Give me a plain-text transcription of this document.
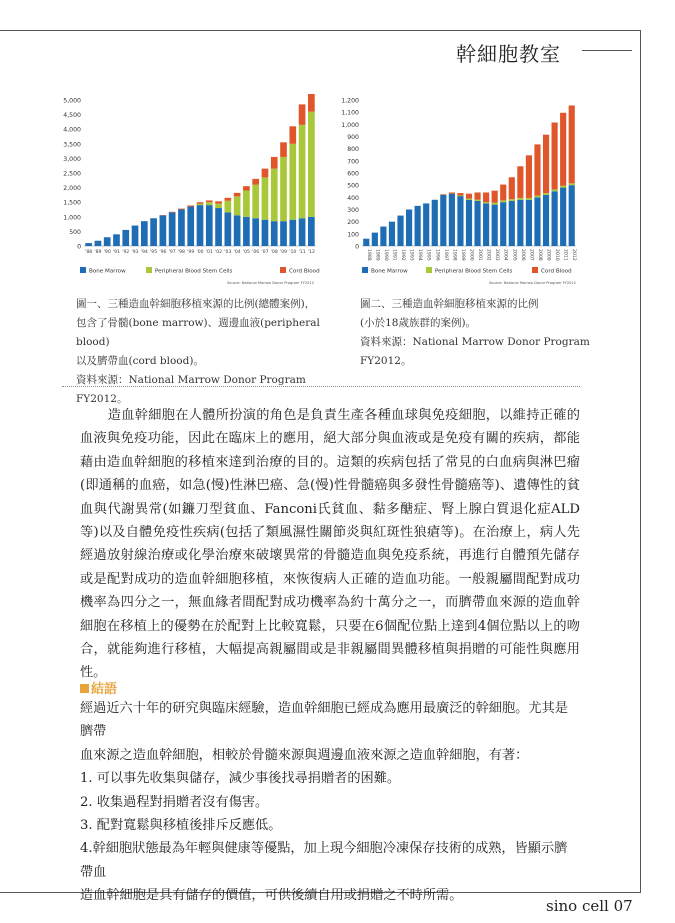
幹細胞教室
5,000
4,500
4,000
3,500
3,000
2,500
2,000
1,500
1,000
500
0
'88 '89 '90 '91 '92 '93 '94 '95 '96 '97 '98 '99 '00 '01 '02 '03 '04 '05 '06 '07 '08 '09 '10 '11 '12
Bone Marrow	Peripheral Blood Stem Cells	Cord Blood
Source: National Marrow Donor Program FY2012
1,200
1,100
1,000
900
800
700
600
500
400
300
200
100
0
1988 1989 1990 1991 1992 1993 1994 1995 1996 1997 1998 1999 2000 2001 2002 2003 2004 2005 2006 2007 2008 2009 2010 2011 2012
Bone Marrow	Peripheral Blood Stem Cells	Cord Blood
Source: National Marrow Donor Program FY2012
圖一、三種造血幹細胞移植來源的比例(總體案例)，
包含了骨髓(bone marrow)、週邊血液(peripheral blood)
以及臍帶血(cord blood)。
資料來源：National Marrow Donor Program FY2012。
圖二、三種造血幹細胞移植來源的比例
(小於18歲族群的案例)。
資料來源：National Marrow Donor Program FY2012。
造血幹細胞在人體所扮演的角色是負責生產各種血球與免疫細胞，以維持正確的血液與免疫功能，因此在臨床上的應用，絕大部分與血液或是免疫有關的疾病，都能藉由造血幹細胞的移植來達到治療的目的。這類的疾病包括了常見的白血病與淋巴瘤(即通稱的血癌，如急(慢)性淋巴癌、急(慢)性骨髓癌與多發性骨髓癌等)、遺傳性的貧血與代謝異常(如鐮刀型貧血、Fanconi氏貧血、黏多醣症、腎上腺白質退化症ALD等)以及自體免疫性疾病(包括了類風濕性關節炎與紅斑性狼瘡等)。在治療上，病人先經過放射線治療或化學治療來破壞異常的骨髓造血與免疫系統，再進行自體預先儲存或是配對成功的造血幹細胞移植，來恢復病人正確的造血功能。一般親屬間配對成功機率為四分之一，無血緣者間配對成功機率為約十萬分之一，而臍帶血來源的造血幹細胞在移植上的優勢在於配對上比較寬鬆，只要在6個配位點上達到4個位點以上的吻合，就能夠進行移植，大幅提高親屬間或是非親屬間異體移植與捐贈的可能性與應用性。
結語

經過近六十年的研究與臨床經驗，造血幹細胞已經成為應用最廣泛的幹細胞。尤其是臍帶

血來源之造血幹細胞，相較於骨髓來源與週邊血液來源之造血幹細胞，有著：

1. 可以事先收集與儲存，減少事後找尋捐贈者的困難。

2. 收集過程對捐贈者沒有傷害。

3. 配對寬鬆與移植後排斥反應低。

4.幹細胞狀態最為年輕與健康等優點，加上現今細胞冷凍保存技術的成熟，皆顯示臍帶血

造血幹細胞是具有儲存的價值，可供後續自用或捐贈之不時所需。

sino cell 07
